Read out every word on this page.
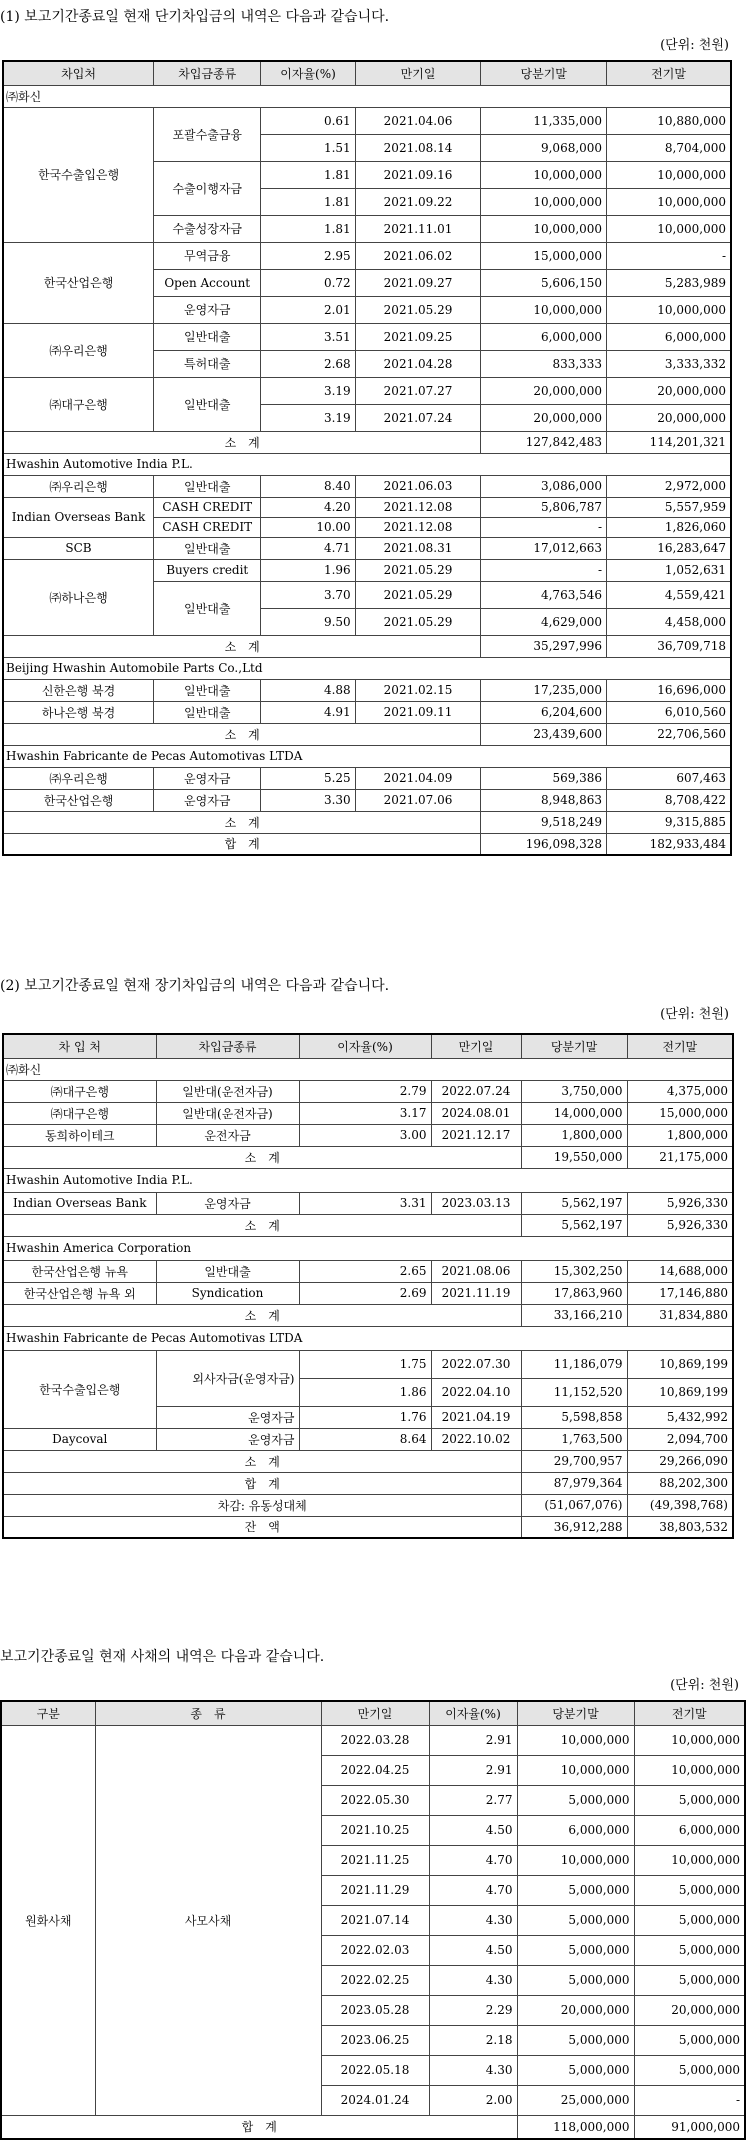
(1) 보고기간종료일 현재 단기차입금의 내역은 다음과 같습니다.
(단위: 천원)
차입처	차입금종류	이자율(%)	만기일	당분기말	전기말
㈜화신					
한국수출입은행	포괄수출금융	0.61	2021.04.06	11,335,000	10,880,000
		1.51	2021.08.14	9,068,000	8,704,000
	수출이행자금	1.81	2021.09.16	10,000,000	10,000,000
		1.81	2021.09.22	10,000,000	10,000,000
	수출성장자금	1.81	2021.11.01	10,000,000	10,000,000
한국산업은행	무역금융	2.95	2021.06.02	15,000,000	-
	Open Account	0.72	2021.09.27	5,606,150	5,283,989
	운영자금	2.01	2021.05.29	10,000,000	10,000,000
㈜우리은행	일반대출	3.51	2021.09.25	6,000,000	6,000,000
	특허대출	2.68	2021.04.28	833,333	3,333,332
㈜대구은행	일반대출	3.19	2021.07.27	20,000,000	20,000,000
		3.19	2021.07.24	20,000,000	20,000,000
소　계				127,842,483	114,201,321
Hwashin Automotive India P.L.					
㈜우리은행	일반대출	8.40	2021.06.03	3,086,000	2,972,000
Indian Overseas Bank	CASH CREDIT	4.20	2021.12.08	5,806,787	5,557,959
	CASH CREDIT	10.00	2021.12.08	-	1,826,060
SCB	일반대출	4.71	2021.08.31	17,012,663	16,283,647
㈜하나은행	Buyers credit	1.96	2021.05.29	-	1,052,631
	일반대출	3.70	2021.05.29	4,763,546	4,559,421
		9.50	2021.05.29	4,629,000	4,458,000
소　계				35,297,996	36,709,718
Beijing Hwashin Automobile Parts Co.,Ltd					
신한은행 북경	일반대출	4.88	2021.02.15	17,235,000	16,696,000
하나은행 북경	일반대출	4.91	2021.09.11	6,204,600	6,010,560
소　계				23,439,600	22,706,560
Hwashin Fabricante de Pecas Automotivas LTDA					
㈜우리은행	운영자금	5.25	2021.04.09	569,386	607,463
한국산업은행	운영자금	3.30	2021.07.06	8,948,863	8,708,422
소　계				9,518,249	9,315,885
합　계				196,098,328	182,933,484
(2) 보고기간종료일 현재 장기차입금의 내역은 다음과 같습니다.
(단위: 천원)
차 입 처	차입금종류	이자율(%)	만기일	당분기말	전기말
㈜화신					
㈜대구은행	일반대(운전자금)	2.79	2022.07.24	3,750,000	4,375,000
㈜대구은행	일반대(운전자금)	3.17	2024.08.01	14,000,000	15,000,000
동희하이테크	운전자금	3.00	2021.12.17	1,800,000	1,800,000
소　계				19,550,000	21,175,000
Hwashin Automotive India P.L.					
Indian Overseas Bank	운영자금	3.31	2023.03.13	5,562,197	5,926,330
소　계				5,562,197	5,926,330
Hwashin America Corporation					
한국산업은행 뉴욕	일반대출	2.65	2021.08.06	15,302,250	14,688,000
한국산업은행 뉴욕 외	Syndication	2.69	2021.11.19	17,863,960	17,146,880
소　계				33,166,210	31,834,880
Hwashin Fabricante de Pecas Automotivas LTDA					
한국수출입은행	외사자금(운영자금)	1.75	2022.07.30	11,186,079	10,869,199
		1.86	2022.04.10	11,152,520	10,869,199
	운영자금	1.76	2021.04.19	5,598,858	5,432,992
Daycoval	운영자금	8.64	2022.10.02	1,763,500	2,094,700
소　계				29,700,957	29,266,090
합　계				87,979,364	88,202,300
차감: 유동성대체				(51,067,076)	(49,398,768)
잔　액				36,912,288	38,803,532
보고기간종료일 현재 사채의 내역은 다음과 같습니다.
(단위: 천원)
구분	종　류	만기일	이자율(%)	당분기말	전기말
원화사채	사모사채	2022.03.28	2.91	10,000,000	10,000,000
		2022.04.25	2.91	10,000,000	10,000,000
		2022.05.30	2.77	5,000,000	5,000,000
		2021.10.25	4.50	6,000,000	6,000,000
		2021.11.25	4.70	10,000,000	10,000,000
		2021.11.29	4.70	5,000,000	5,000,000
		2021.07.14	4.30	5,000,000	5,000,000
		2022.02.03	4.50	5,000,000	5,000,000
		2022.02.25	4.30	5,000,000	5,000,000
		2023.05.28	2.29	20,000,000	20,000,000
		2023.06.25	2.18	5,000,000	5,000,000
		2022.05.18	4.30	5,000,000	5,000,000
		2024.01.24	2.00	25,000,000	-
합　계				118,000,000	91,000,000
